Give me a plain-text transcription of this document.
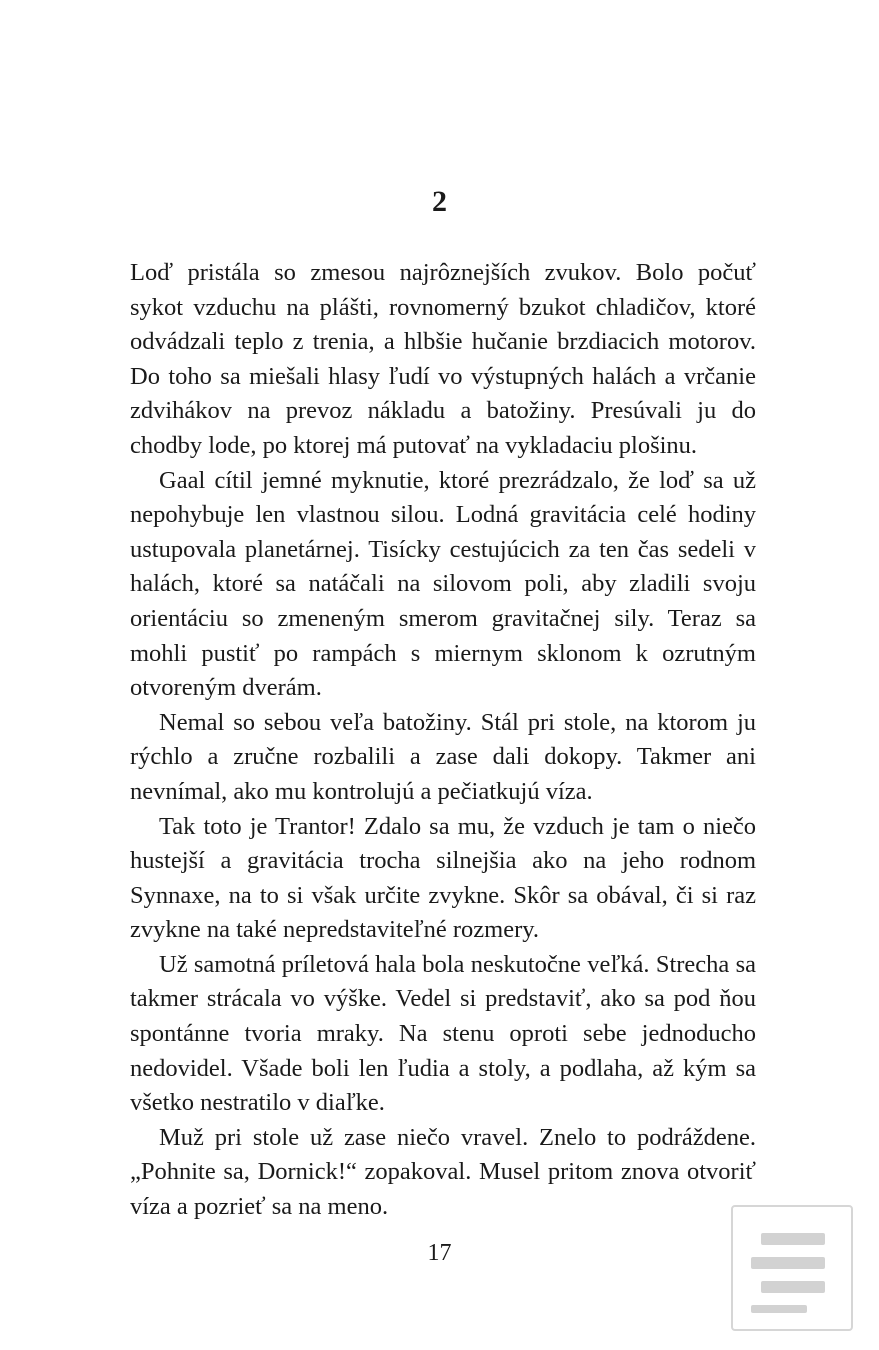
2

Loď pristála so zmesou najrôznejších zvukov. Bolo počuť sykot vzduchu na plášti, rovnomerný bzukot chladičov, ktoré odvádzali teplo z trenia, a hlbšie hučanie brzdiacich motorov. Do toho sa miešali hlasy ľudí vo výstupných halách a vrčanie zdvihákov na prevoz nákladu a batožiny. Presúvali ju do chodby lode, po ktorej má putovať na vykladaciu plošinu.

Gaal cítil jemné myknutie, ktoré prezrádzalo, že loď sa už nepohybuje len vlastnou silou. Lodná gravitácia celé hodiny ustupovala planetárnej. Tisícky cestujúcich za ten čas sedeli v halách, ktoré sa natáčali na silovom poli, aby zladili svoju orientáciu so zmeneným smerom gravitačnej sily. Teraz sa mohli pustiť po rampách s miernym sklonom k ozrutným otvoreným dverám.

Nemal so sebou veľa batožiny. Stál pri stole, na ktorom ju rýchlo a zručne rozbalili a zase dali dokopy. Takmer ani nevnímal, ako mu kontrolujú a pečiatkujú víza.

Tak toto je Trantor! Zdalo sa mu, že vzduch je tam o niečo hustejší a gravitácia trocha silnejšia ako na jeho rodnom Synnaxe, na to si však určite zvykne. Skôr sa obával, či si raz zvykne na také nepredstaviteľné rozmery.

Už samotná príletová hala bola neskutočne veľká. Strecha sa takmer strácala vo výške. Vedel si predstaviť, ako sa pod ňou spontánne tvoria mraky. Na stenu oproti sebe jednoducho nedovidel. Všade boli len ľudia a stoly, a podlaha, až kým sa všetko nestratilo v diaľke.

Muž pri stole už zase niečo vravel. Znelo to podráždene. „Pohnite sa, Dornick!“ zopakoval. Musel pritom znova otvoriť víza a pozrieť sa na meno.

17
